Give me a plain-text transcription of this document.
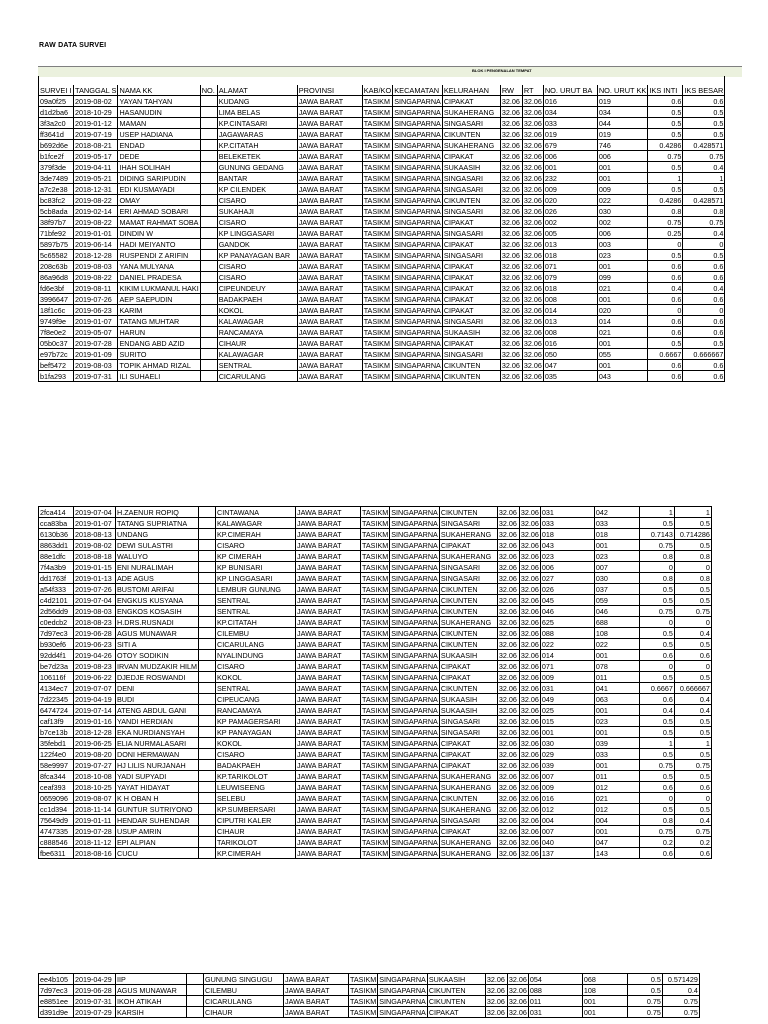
RAW DATA SURVEI
BLOK I PENGENALAN TEMPAT

SURVEI I	TANGGAL S	NAMA KK	NO.	ALAMAT	PROVINSI	KAB/KO	KECAMATAN	KELURAHAN	RW	RT	NO. URUT BA	NO. URUT KK	IKS INTI	IKS BESAR
09a0f25	2019-08-02	YAYAN TAHYAN		KUDANG	JAWA BARAT	TASIKM	SINGAPARNA	CIPAKAT	32.06	32.06	016	019	0.6	0.6
d1d2ba6	2018-10-29	HASANUDIN		LIMA BELAS	JAWA BARAT	TASIKM	SINGAPARNA	SUKAHERANG	32.06	32.06	034	034	0.5	0.5
3f3a2c0	2019-01-12	MAMAN		KP.CINTASARI	JAWA BARAT	TASIKM	SINGAPARNA	SINGASARI	32.06	32.06	033	044	0.5	0.5
ff3641d	2019-07-19	USEP HADIANA		JAGAWARAS	JAWA BARAT	TASIKM	SINGAPARNA	CIKUNTEN	32.06	32.06	019	019	0.5	0.5
b692d6e	2018-08-21	ENDAD		KP.CITATAH	JAWA BARAT	TASIKM	SINGAPARNA	SUKAHERANG	32.06	32.06	679	746	0.4286	0.428571
b1fce2f	2019-05-17	DEDE		BELEKETEK	JAWA BARAT	TASIKM	SINGAPARNA	CIPAKAT	32.06	32.06	006	006	0.75	0.75
379f3de	2019-04-11	IHAH SOLIHAH		GUNUNG GEDANG	JAWA BARAT	TASIKM	SINGAPARNA	SUKAASIH	32.06	32.06	001	001	0.5	0.4
3de7489	2019-05-21	DIDING SARIPUDIN		BANTAR	JAWA BARAT	TASIKM	SINGAPARNA	SINGASARI	32.06	32.06	232	001	1	1
a7c2e38	2018-12-31	EDI KUSMAYADI		KP CILENDEK	JAWA BARAT	TASIKM	SINGAPARNA	SINGASARI	32.06	32.06	009	009	0.5	0.5
bc83fc2	2019-08-22	OMAY		CISARO	JAWA BARAT	TASIKM	SINGAPARNA	CIKUNTEN	32.06	32.06	020	022	0.4286	0.428571
5cb8ada	2019-02-14	ERI AHMAD SOBARI		SUKAHAJI	JAWA BARAT	TASIKM	SINGAPARNA	SINGASARI	32.06	32.06	026	030	0.8	0.8
38f97b7	2019-08-22	MAMAT RAHMAT SOBA		CISARO	JAWA BARAT	TASIKM	SINGAPARNA	CIPAKAT	32.06	32.06	002	002	0.75	0.75
71bfe92	2019-01-01	DINDIN W		KP LINGGASARI	JAWA BARAT	TASIKM	SINGAPARNA	SINGASARI	32.06	32.06	005	006	0.25	0.4
5897b75	2019-06-14	HADI MEIYANTO		GANDOK	JAWA BARAT	TASIKM	SINGAPARNA	CIPAKAT	32.06	32.06	013	003	0	0
5c65582	2018-12-28	RUSPENDI Z ARIFIN		KP PANAYAGAN BAR	JAWA BARAT	TASIKM	SINGAPARNA	SINGASARI	32.06	32.06	018	023	0.5	0.5
208c63b	2019-08-03	YANA MULYANA		CISARO	JAWA BARAT	TASIKM	SINGAPARNA	CIPAKAT	32.06	32.06	071	001	0.6	0.6
86a96d8	2019-08-22	DANIEL PRADESA		CISARO	JAWA BARAT	TASIKM	SINGAPARNA	CIPAKAT	32.06	32.06	079	099	0.6	0.6
fd6e3bf	2019-08-11	KIKIM LUKMANUL HAKI		CIPEUNDEUY	JAWA BARAT	TASIKM	SINGAPARNA	CIPAKAT	32.06	32.06	018	021	0.4	0.4
3996647	2019-07-26	AEP SAEPUDIN		BADAKPAEH	JAWA BARAT	TASIKM	SINGAPARNA	CIPAKAT	32.06	32.06	008	001	0.6	0.6
18f1c6c	2019-06-23	KARIM		KOKOL	JAWA BARAT	TASIKM	SINGAPARNA	CIPAKAT	32.06	32.06	014	020	0	0
9749f9e	2019-01-07	TATANG MUHTAR		KALAWAGAR	JAWA BARAT	TASIKM	SINGAPARNA	SINGASARI	32.06	32.06	013	014	0.6	0.6
7f8e0e2	2019-05-07	HARUN		RANCAMAYA	JAWA BARAT	TASIKM	SINGAPARNA	SUKAASIH	32.06	32.06	008	021	0.6	0.6
05b0c37	2019-07-28	ENDANG ABD AZID		CIHAUR	JAWA BARAT	TASIKM	SINGAPARNA	CIPAKAT	32.06	32.06	016	001	0.5	0.5
e97b72c	2019-01-09	SURITO		KALAWAGAR	JAWA BARAT	TASIKM	SINGAPARNA	SINGASARI	32.06	32.06	050	055	0.6667	0.666667
bef5472	2019-08-03	TOPIK AHMAD RIZAL		SENTRAL	JAWA BARAT	TASIKM	SINGAPARNA	CIKUNTEN	32.06	32.06	047	001	0.6	0.6
b1fa293	2019-07-31	ILI SUHAELI		CICARULANG	JAWA BARAT	TASIKM	SINGAPARNA	CIKUNTEN	32.06	32.06	035	043	0.6	0.6
2fca414	2019-07-04	H.ZAENUR ROPIQ		CINTAWANA	JAWA BARAT	TASIKM	SINGAPARNA	CIKUNTEN	32.06	32.06	031	042	1	1
cca83ba	2019-01-07	TATANG SUPRIATNA		KALAWAGAR	JAWA BARAT	TASIKM	SINGAPARNA	SINGASARI	32.06	32.06	033	033	0.5	0.5
6130b36	2018-08-13	UNDANG		KP.CIMERAH	JAWA BARAT	TASIKM	SINGAPARNA	SUKAHERANG	32.06	32.06	018	018	0.7143	0.714286
8863dd1	2019-08-02	DEWI SULASTRI		CISARO	JAWA BARAT	TASIKM	SINGAPARNA	CIPAKAT	32.06	32.06	043	001	0.75	0.5
88e1dfc	2018-08-18	WALUYO		KP CIMERAH	JAWA BARAT	TASIKM	SINGAPARNA	SUKAHERANG	32.06	32.06	023	023	0.8	0.8
7f4a3b9	2019-01-15	ENI NURALIMAH		KP BUNISARI	JAWA BARAT	TASIKM	SINGAPARNA	SINGASARI	32.06	32.06	006	007	0	0
dd1763f	2019-01-13	ADE AGUS		KP LINGGASARI	JAWA BARAT	TASIKM	SINGAPARNA	SINGASARI	32.06	32.06	027	030	0.8	0.8
a54f333	2019-07-26	BUSTOMI ARIFAI		LEMBUR GUNUNG	JAWA BARAT	TASIKM	SINGAPARNA	CIKUNTEN	32.06	32.06	026	037	0.5	0.5
c4d2101	2019-07-04	ENGKUS KUSYANA		SENTRAL	JAWA BARAT	TASIKM	SINGAPARNA	CIKUNTEN	32.06	32.06	045	059	0.5	0.5
2d56dd9	2019-08-03	ENGKOS KOSASIH		SENTRAL	JAWA BARAT	TASIKM	SINGAPARNA	CIKUNTEN	32.06	32.06	046	046	0.75	0.75
c0edcb2	2018-08-23	H.DRS.RUSNADI		KP.CITATAH	JAWA BARAT	TASIKM	SINGAPARNA	SUKAHERANG	32.06	32.06	625	688	0	0
7d97ec3	2019-06-28	AGUS MUNAWAR		CILEMBU	JAWA BARAT	TASIKM	SINGAPARNA	CIKUNTEN	32.06	32.06	088	108	0.5	0.4
b930ef6	2019-06-23	SITI A		CICARULANG	JAWA BARAT	TASIKM	SINGAPARNA	CIKUNTEN	32.06	32.06	022	022	0.5	0.5
92dd4f1	2019-04-26	OTOY SODIKIN		NYALINDUNG	JAWA BARAT	TASIKM	SINGAPARNA	SUKAASIH	32.06	32.06	014	001	0.6	0.6
be7d23a	2019-08-23	IRVAN MUDZAKIR HILM		CISARO	JAWA BARAT	TASIKM	SINGAPARNA	CIPAKAT	32.06	32.06	071	078	0	0
106116f	2019-06-22	DJEDJE ROSWANDI		KOKOL	JAWA BARAT	TASIKM	SINGAPARNA	CIPAKAT	32.06	32.06	009	011	0.5	0.5
4134ec7	2019-07-07	DENI		SENTRAL	JAWA BARAT	TASIKM	SINGAPARNA	CIKUNTEN	32.06	32.06	031	041	0.6667	0.666667
7d22345	2019-04-19	BUDI		CIPEUCANG	JAWA BARAT	TASIKM	SINGAPARNA	SUKAASIH	32.06	32.06	049	063	0.6	0.4
6474724	2019-07-14	ATENG ABDUL GANI		RANCAMAYA	JAWA BARAT	TASIKM	SINGAPARNA	SUKAASIH	32.06	32.06	025	001	0.4	0.4
caf13f9	2019-01-16	YANDI HERDIAN		KP PAMAGERSARI	JAWA BARAT	TASIKM	SINGAPARNA	SINGASARI	32.06	32.06	015	023	0.5	0.5
b7ce13b	2018-12-28	EKA NURDIANSYAH		KP PANAYAGAN	JAWA BARAT	TASIKM	SINGAPARNA	SINGASARI	32.06	32.06	001	001	0.5	0.5
35febd1	2019-06-25	ELIA NURMALASARI		KOKOL	JAWA BARAT	TASIKM	SINGAPARNA	CIPAKAT	32.06	32.06	030	039	1	1
122f4e0	2019-08-20	DONI HERMAWAN		CISARO	JAWA BARAT	TASIKM	SINGAPARNA	CIPAKAT	32.06	32.06	029	033	0.5	0.5
58e9997	2019-07-27	HJ LILIS NURJANAH		BADAKPAEH	JAWA BARAT	TASIKM	SINGAPARNA	CIPAKAT	32.06	32.06	039	001	0.75	0.75
8fca344	2018-10-08	YADI SUPYADI		KP.TARIKOLOT	JAWA BARAT	TASIKM	SINGAPARNA	SUKAHERANG	32.06	32.06	007	011	0.5	0.5
ceaf393	2018-10-25	YAYAT HIDAYAT		LEUWISEENG	JAWA BARAT	TASIKM	SINGAPARNA	SUKAHERANG	32.06	32.06	009	012	0.6	0.6
0659096	2019-08-07	K H OBAN H		SELEBU	JAWA BARAT	TASIKM	SINGAPARNA	CIKUNTEN	32.06	32.06	016	021	0	0
cc1d394	2018-11-14	GUNTUR SUTRIYONO		KP.SUMBERSARI	JAWA BARAT	TASIKM	SINGAPARNA	SUKAHERANG	32.06	32.06	012	012	0.5	0.5
75649d9	2019-01-11	HENDAR SUHENDAR		CIPUTRI KALER	JAWA BARAT	TASIKM	SINGAPARNA	SINGASARI	32.06	32.06	004	004	0.8	0.4
4747335	2019-07-28	USUP AMRIN		CIHAUR	JAWA BARAT	TASIKM	SINGAPARNA	CIPAKAT	32.06	32.06	007	001	0.75	0.75
c888546	2018-11-12	EPI ALPIAN		TARIKOLOT	JAWA BARAT	TASIKM	SINGAPARNA	SUKAHERANG	32.06	32.06	040	047	0.2	0.2
fbe6311	2018-08-16	CUCU		KP.CIMERAH	JAWA BARAT	TASIKM	SINGAPARNA	SUKAHERANG	32.06	32.06	137	143	0.6	0.6
ee4b105	2019-04-29	IIP		GUNUNG SINGUGU	JAWA BARAT	TASIKM	SINGAPARNA	SUKAASIH	32.06	32.06	054	068	0.5	0.571429
7d97ec3	2019-06-28	AGUS MUNAWAR		CILEMBU	JAWA BARAT	TASIKM	SINGAPARNA	CIKUNTEN	32.06	32.06	088	108	0.5	0.4
e8851ee	2019-07-31	IKOH ATIKAH		CICARULANG	JAWA BARAT	TASIKM	SINGAPARNA	CIKUNTEN	32.06	32.06	011	001	0.75	0.75
d391d9e	2019-07-29	KARSIH		CIHAUR	JAWA BARAT	TASIKM	SINGAPARNA	CIPAKAT	32.06	32.06	031	001	0.75	0.75
